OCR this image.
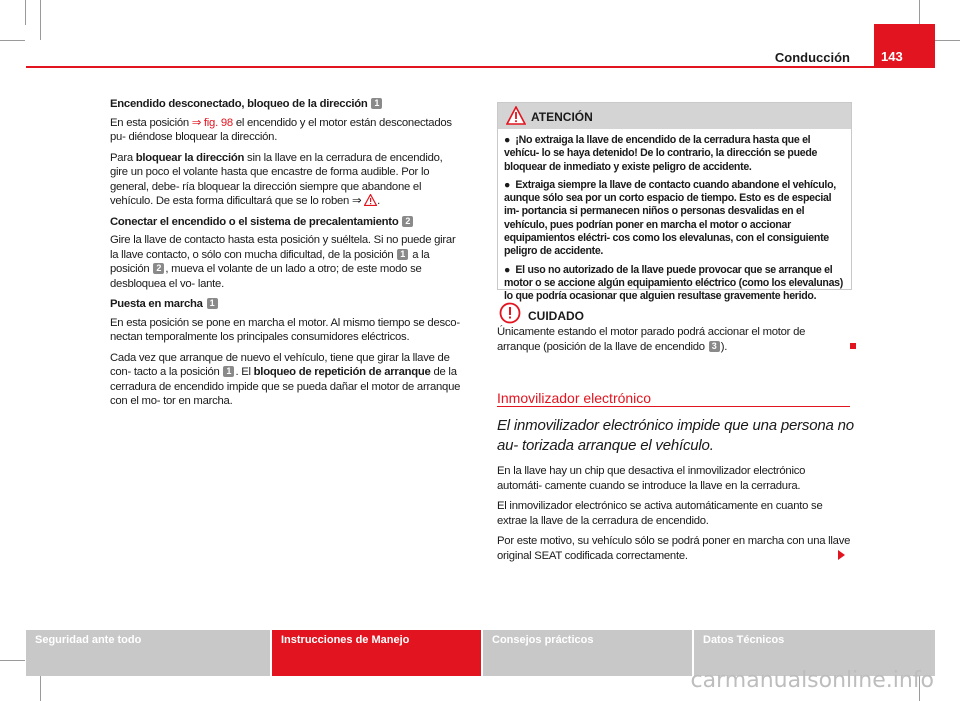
Conducción 143

Encendido desconectado, bloqueo de la dirección 1

En esta posición ⇒ fig. 98 el encendido y el motor están desconectados pu- diéndose bloquear la dirección.

Para bloquear la dirección sin la llave en la cerradura de encendido, gire un poco el volante hasta que encastre de forma audible. Por lo general, debe- ría bloquear la dirección siempre que abandone el vehículo. De esta forma dificultará que se lo roben ⇒ .

Conectar el encendido o el sistema de precalentamiento 2

Gire la llave de contacto hasta esta posición y suéltela. Si no puede girar la llave contacto, o sólo con mucha dificultad, de la posición 1 a la posición 2 , mueva el volante de un lado a otro; de este modo se desbloquea el vo- lante.

Puesta en marcha 1

En esta posición se pone en marcha el motor. Al mismo tiempo se desco- nectan temporalmente los principales consumidores eléctricos.

Cada vez que arranque de nuevo el vehículo, tiene que girar la llave de con- tacto a la posición 1 . El bloqueo de repetición de arranque de la cerradura de encendido impide que se pueda dañar el motor de arranque con el mo- tor en marcha.

ATENCIÓN
● ¡No extraiga la llave de encendido de la cerradura hasta que el vehícu- lo se haya detenido! De lo contrario, la dirección se puede bloquear de inmediato y existe peligro de accidente.
● Extraiga siempre la llave de contacto cuando abandone el vehículo, aunque sólo sea por un corto espacio de tiempo. Esto es de especial im- portancia si permanecen niños o personas desvalidas en el vehículo, pues podrían poner en marcha el motor o accionar equipamientos eléctri- cos como los elevalunas, con el consiguiente peligro de accidente.
● El uso no autorizado de la llave puede provocar que se arranque el motor o se accione algún equipamiento eléctrico (como los elevalunas) lo que podría ocasionar que alguien resultase gravemente herido.
CUIDADO
Únicamente estando el motor parado podrá accionar el motor de arranque (posición de la llave de encendido 3 ).
Inmovilizador electrónico
El inmovilizador electrónico impide que una persona no au- torizada arranque el vehículo.

En la llave hay un chip que desactiva el inmovilizador electrónico automáti- camente cuando se introduce la llave en la cerradura.

El inmovilizador electrónico se activa automáticamente en cuanto se extrae la llave de la cerradura de encendido.

Por este motivo, su vehículo sólo se podrá poner en marcha con una llave original SEAT codificada correctamente.

Seguridad ante todo	Instrucciones de Manejo	Consejos prácticos	Datos Técnicos
carmanualsonline.info
